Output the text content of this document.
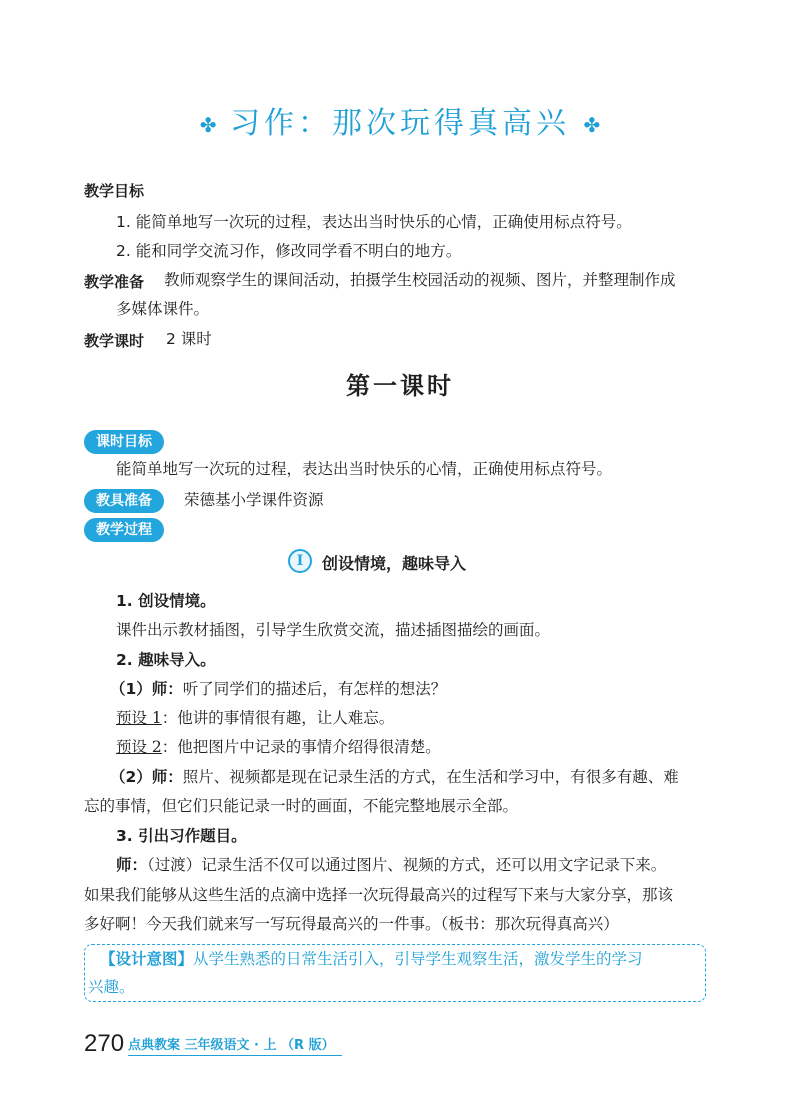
✤ 习作：那次玩得真高兴 ✤
教学目标
1. 能简单地写一次玩的过程，表达出当时快乐的心情，正确使用标点符号。
2. 能和同学交流习作，修改同学看不明白的地方。
教学准备 教师观察学生的课间活动，拍摄学生校园活动的视频、图片，并整理制作成
多媒体课件。
教学课时 2 课时
第一课时
课时目标
能简单地写一次玩的过程，表达出当时快乐的心情，正确使用标点符号。
教具准备	荣德基小学课件资源
教学过程
I	创设情境，趣味导入
1. 创设情境。
课件出示教材插图，引导学生欣赏交流，描述插图描绘的画面。
2. 趣味导入。
（1）师：听了同学们的描述后，有怎样的想法？
预设 1：他讲的事情很有趣，让人难忘。
预设 2：他把图片中记录的事情介绍得很清楚。
（2）师：照片、视频都是现在记录生活的方式，在生活和学习中，有很多有趣、难
忘的事情，但它们只能记录一时的画面，不能完整地展示全部。
3. 引出习作题目。
师：（过渡）记录生活不仅可以通过图片、视频的方式，还可以用文字记录下来。
如果我们能够从这些生活的点滴中选择一次玩得最高兴的过程写下来与大家分享，那该
多好啊！今天我们就来写一写玩得最高兴的一件事。（板书：那次玩得真高兴）
【设计意图】从学生熟悉的日常生活引入，引导学生观察生活，激发学生的学习
兴趣。
270 点典教案 三年级语文 · 上 （R 版）
